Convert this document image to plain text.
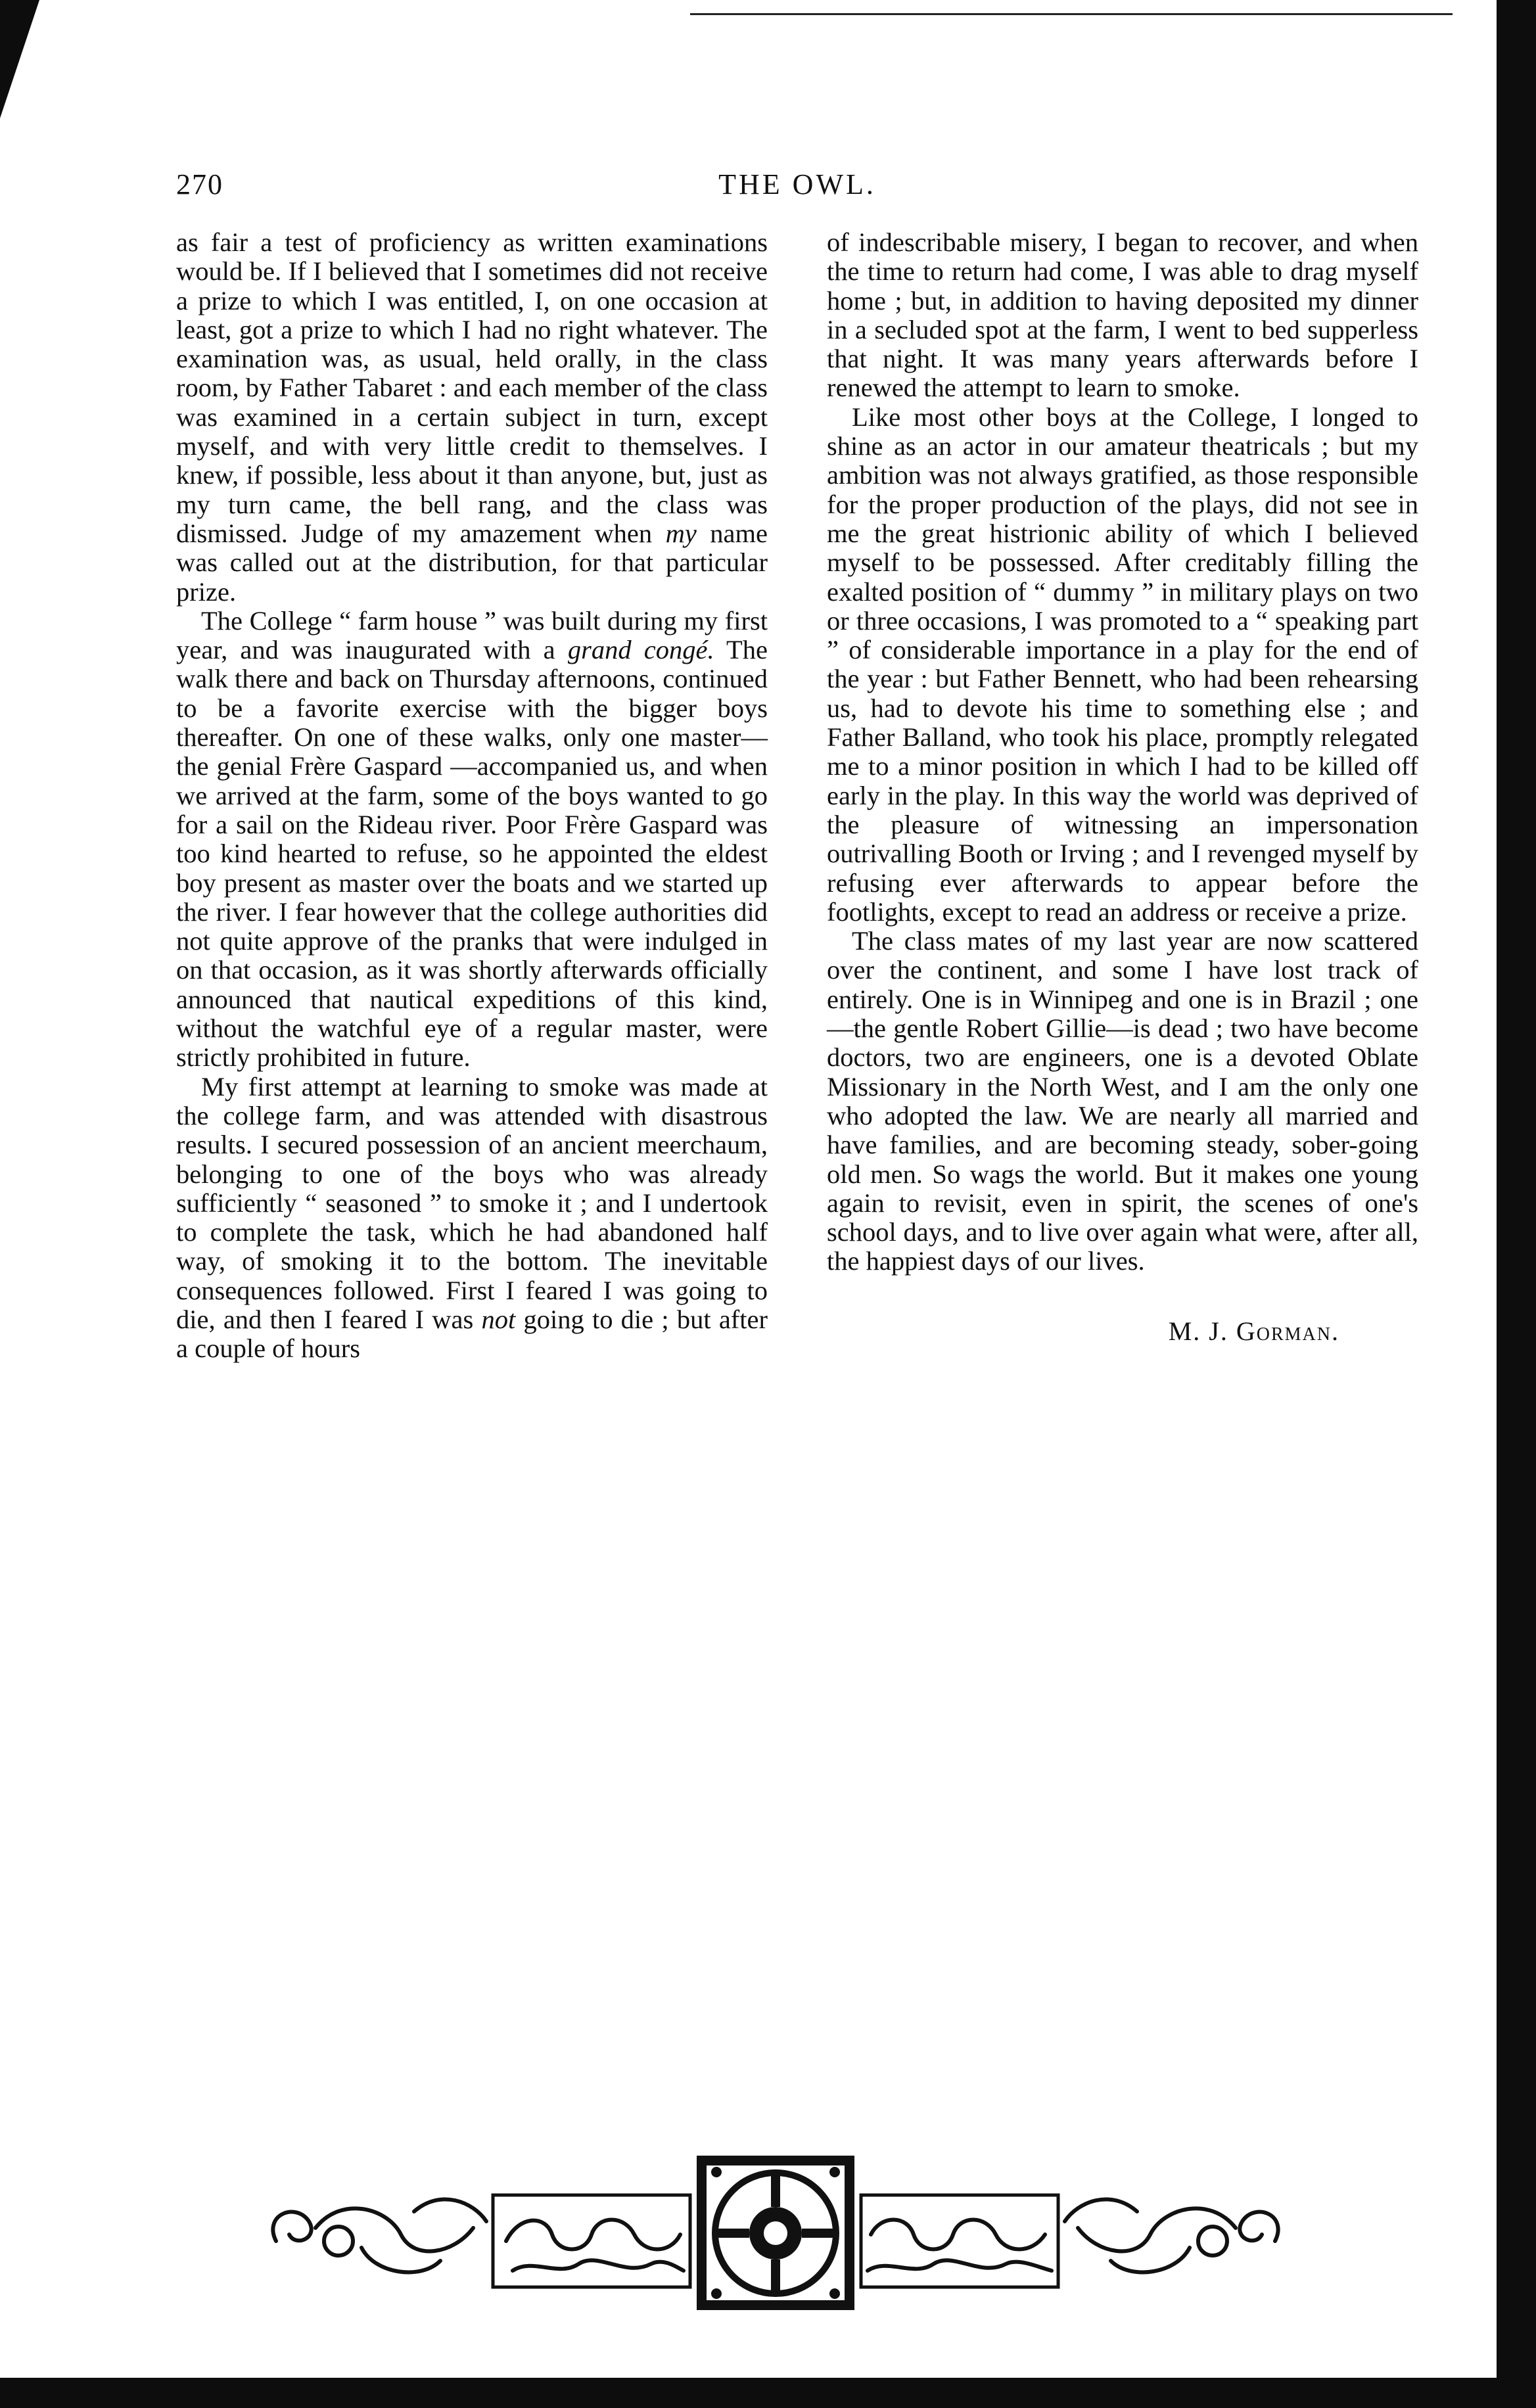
270	THE OWL.

as fair a test of proficiency as written examinations would be. If I believed that I sometimes did not receive a prize to which I was entitled, I, on one occasion at least, got a prize to which I had no right whatever. The examination was, as usual, held orally, in the class room, by Father Tabaret : and each member of the class was examined in a certain subject in turn, except myself, and with very little credit to themselves. I knew, if possible, less about it than anyone, but, just as my turn came, the bell rang, and the class was dismissed. Judge of my amazement when my name was called out at the distribution, for that particular prize.

The College “ farm house ” was built during my first year, and was inaugurated with a grand congé. The walk there and back on Thursday afternoons, continued to be a favorite exercise with the bigger boys thereafter. On one of these walks, only one master—the genial Frère Gaspard —accompanied us, and when we arrived at the farm, some of the boys wanted to go for a sail on the Rideau river. Poor Frère Gaspard was too kind hearted to refuse, so he appointed the eldest boy present as master over the boats and we started up the river. I fear however that the college authorities did not quite approve of the pranks that were indulged in on that occasion, as it was shortly afterwards officially announced that nautical expeditions of this kind, without the watchful eye of a regular master, were strictly prohibited in future.

My first attempt at learning to smoke was made at the college farm, and was attended with disastrous results. I secured possession of an ancient meerchaum, belonging to one of the boys who was already sufficiently “ seasoned ” to smoke it ; and I undertook to complete the task, which he had abandoned half way, of smoking it to the bottom. The inevitable consequences followed. First I feared I was going to die, and then I feared I was not going to die ; but after a couple of hours

of indescribable misery, I began to recover, and when the time to return had come, I was able to drag myself home ; but, in addition to having deposited my dinner in a secluded spot at the farm, I went to bed supperless that night. It was many years afterwards before I renewed the attempt to learn to smoke.

Like most other boys at the College, I longed to shine as an actor in our amateur theatricals ; but my ambition was not always gratified, as those responsible for the proper production of the plays, did not see in me the great histrionic ability of which I believed myself to be possessed. After creditably filling the exalted position of “ dummy ” in military plays on two or three occasions, I was promoted to a “ speaking part ” of considerable importance in a play for the end of the year : but Father Bennett, who had been rehearsing us, had to devote his time to something else ; and Father Balland, who took his place, promptly relegated me to a minor position in which I had to be killed off early in the play. In this way the world was deprived of the pleasure of witnessing an impersonation outrivalling Booth or Irving ; and I revenged myself by refusing ever afterwards to appear before the footlights, except to read an address or receive a prize.

The class mates of my last year are now scattered over the continent, and some I have lost track of entirely. One is in Winnipeg and one is in Brazil ; one—the gentle Robert Gillie—is dead ; two have become doctors, two are engineers, one is a devoted Oblate Missionary in the North West, and I am the only one who adopted the law. We are nearly all married and have families, and are becoming steady, sober-going old men. So wags the world. But it makes one young again to revisit, even in spirit, the scenes of one's school days, and to live over again what were, after all, the happiest days of our lives.

M. J. Gorman.
